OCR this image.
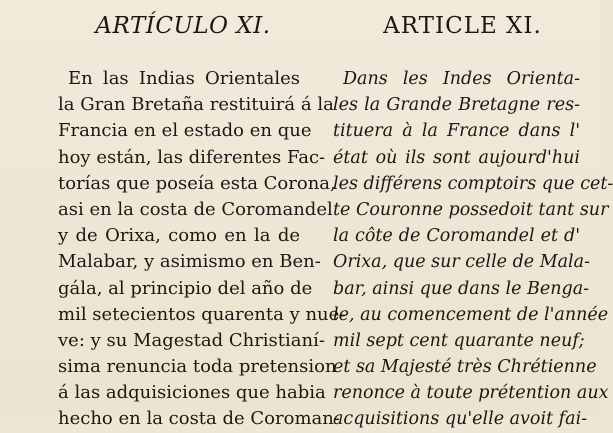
ARTÍCULO XI.
En las Indias Orientales
la Gran Bretaña restituirá á la
Francia en el estado en que
hoy están, las diferentes Fac-
torías que poseía esta Corona,
asi en la costa de Coromandel
y de Orixa, como en la de
Malabar, y asimismo en Ben-
gála, al principio del año de
mil setecientos quarenta y nue-
ve: y su Magestad Christianí-
sima renuncia toda pretension
á las adquisiciones que habia
hecho en la costa de Coroman-
ARTICLE XI.
Dans les Indes Orienta-
les la Grande Bretagne res-
tituera à la France dans l'
état où ils sont aujourd'hui
les différens comptoirs que cet-
te Couronne possedoit tant sur
la côte de Coromandel et d'
Orixa, que sur celle de Mala-
bar, ainsi que dans le Benga-
le, au comencement de l'année
mil sept cent quarante neuf;
et sa Majesté très Chrétienne
renonce à toute prétention aux
acquisitions qu'elle avoit fai-
